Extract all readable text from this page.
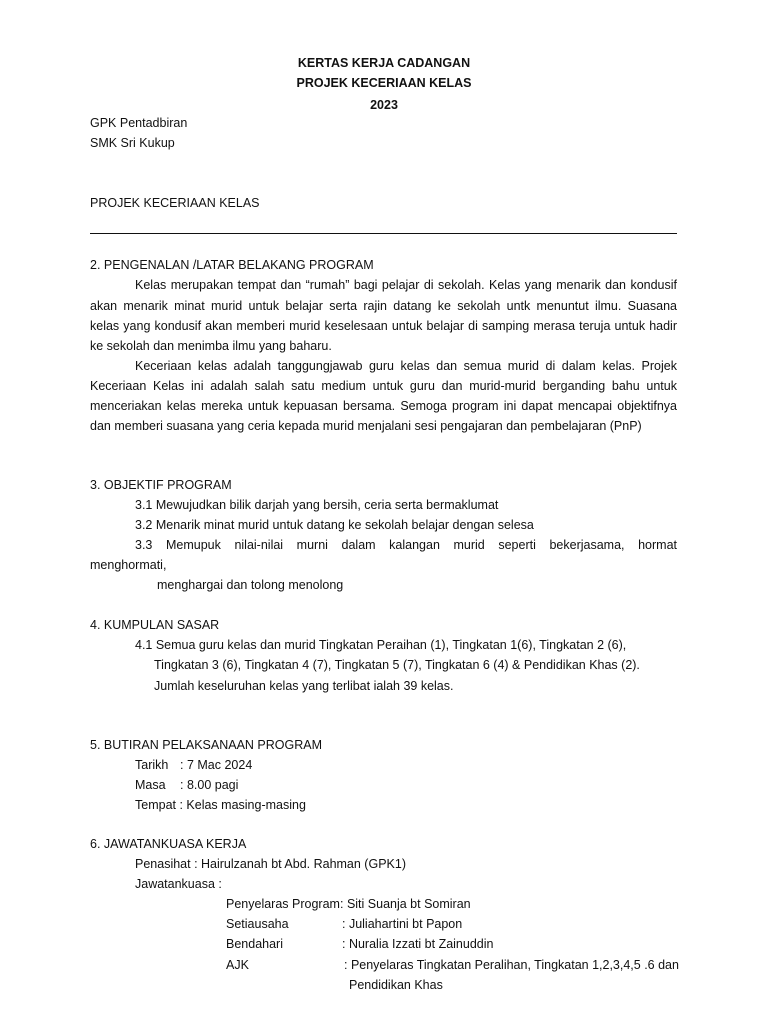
KERTAS KERJA CADANGAN
PROJEK KECERIAAN KELAS
2023
GPK Pentadbiran
SMK Sri Kukup
PROJEK KECERIAAN KELAS
2. PENGENALAN /LATAR BELAKANG PROGRAM
Kelas merupakan tempat dan “rumah” bagi pelajar di sekolah. Kelas yang menarik dan kondusif
akan menarik minat murid untuk belajar serta rajin datang ke sekolah untk menuntut ilmu. Suasana
kelas yang kondusif akan memberi murid keselesaan untuk belajar di samping merasa teruja untuk hadir
ke sekolah dan menimba ilmu yang baharu.
Keceriaan kelas adalah tanggungjawab guru kelas dan semua murid di dalam kelas. Projek
Keceriaan Kelas ini adalah salah satu medium untuk guru dan murid-murid berganding bahu untuk
menceriakan kelas mereka untuk kepuasan bersama. Semoga program ini dapat mencapai objektifnya
dan memberi suasana yang ceria kepada murid menjalani sesi pengajaran dan pembelajaran (PnP)
3. OBJEKTIF PROGRAM
3.1 Mewujudkan bilik darjah yang bersih, ceria serta bermaklumat
3.2 Menarik minat murid untuk datang ke sekolah belajar dengan selesa
3.3 Memupuk nilai-nilai murni dalam kalangan murid seperti bekerjasama, hormat
menghormati,
menghargai dan tolong menolong
4. KUMPULAN SASAR
4.1 Semua guru kelas dan murid Tingkatan Peraihan (1), Tingkatan 1(6), Tingkatan 2 (6),
Tingkatan 3 (6), Tingkatan 4 (7), Tingkatan 5 (7), Tingkatan 6 (4) & Pendidikan Khas (2).
Jumlah keseluruhan kelas yang terlibat ialah 39 kelas.
5. BUTIRAN PELAKSANAAN PROGRAM
Tarikh : 7 Mac 2024
Masa : 8.00 pagi
Tempat : Kelas masing-masing
6. JAWATANKUASA KERJA
Penasihat : Hairulzanah bt Abd. Rahman (GPK1)
Jawatankuasa :
Penyelaras Program : Siti Suanja bt Somiran
Setiausaha	: Juliahartini bt Papon
Bendahari	: Nuralia Izzati bt Zainuddin
AJK	: Penyelaras Tingkatan Peralihan, Tingkatan 1,2,3,4,5 .6 dan
Pendidikan Khas
